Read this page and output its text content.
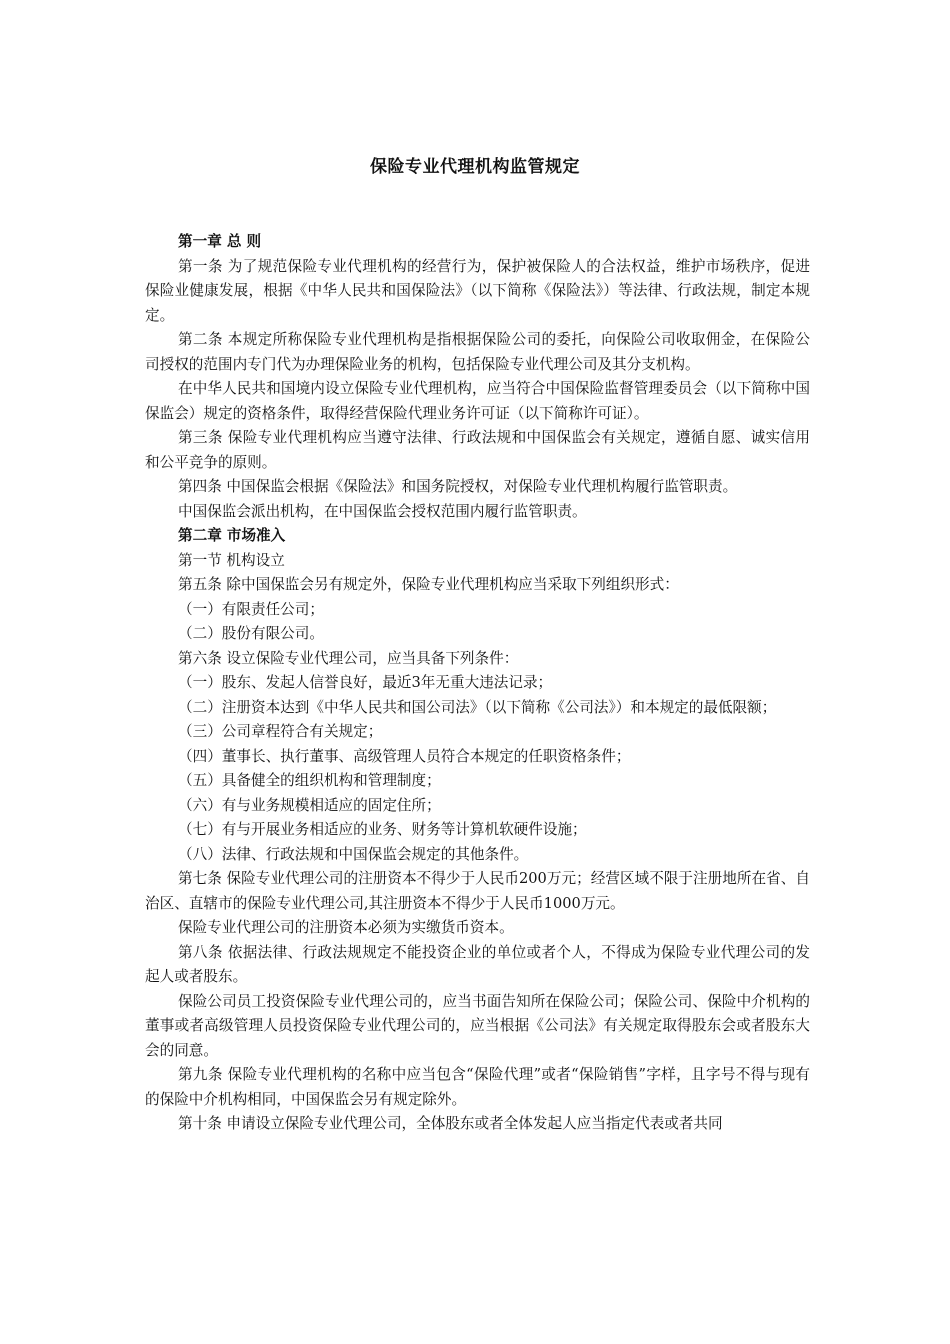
保险专业代理机构监管规定

第一章 总 则

第一条 为了规范保险专业代理机构的经营行为，保护被保险人的合法权益，维护市场秩序，促进保险业健康发展，根据《中华人民共和国保险法》（以下简称《保险法》）等法律、行政法规，制定本规定。

第二条 本规定所称保险专业代理机构是指根据保险公司的委托，向保险公司收取佣金，在保险公司授权的范围内专门代为办理保险业务的机构，包括保险专业代理公司及其分支机构。

在中华人民共和国境内设立保险专业代理机构，应当符合中国保险监督管理委员会（以下简称中国保监会）规定的资格条件，取得经营保险代理业务许可证（以下简称许可证）。

第三条 保险专业代理机构应当遵守法律、行政法规和中国保监会有关规定，遵循自愿、诚实信用和公平竞争的原则。

第四条 中国保监会根据《保险法》和国务院授权，对保险专业代理机构履行监管职责。

中国保监会派出机构，在中国保监会授权范围内履行监管职责。

第二章 市场准入

第一节 机构设立

第五条 除中国保监会另有规定外，保险专业代理机构应当采取下列组织形式：

（一）有限责任公司；

（二）股份有限公司。

第六条 设立保险专业代理公司，应当具备下列条件：

（一）股东、发起人信誉良好，最近3年无重大违法记录；

（二）注册资本达到《中华人民共和国公司法》（以下简称《公司法》）和本规定的最低限额；

（三）公司章程符合有关规定；

（四）董事长、执行董事、高级管理人员符合本规定的任职资格条件；

（五）具备健全的组织机构和管理制度；

（六）有与业务规模相适应的固定住所；

（七）有与开展业务相适应的业务、财务等计算机软硬件设施；

（八）法律、行政法规和中国保监会规定的其他条件。

第七条 保险专业代理公司的注册资本不得少于人民币200万元；经营区域不限于注册地所在省、自治区、直辖市的保险专业代理公司,其注册资本不得少于人民币1000万元。

保险专业代理公司的注册资本必须为实缴货币资本。

第八条 依据法律、行政法规规定不能投资企业的单位或者个人，不得成为保险专业代理公司的发起人或者股东。

保险公司员工投资保险专业代理公司的，应当书面告知所在保险公司；保险公司、保险中介机构的董事或者高级管理人员投资保险专业代理公司的，应当根据《公司法》有关规定取得股东会或者股东大会的同意。

第九条 保险专业代理机构的名称中应当包含“保险代理”或者“保险销售”字样，且字号不得与现有的保险中介机构相同，中国保监会另有规定除外。

第十条 申请设立保险专业代理公司，全体股东或者全体发起人应当指定代表或者共同
